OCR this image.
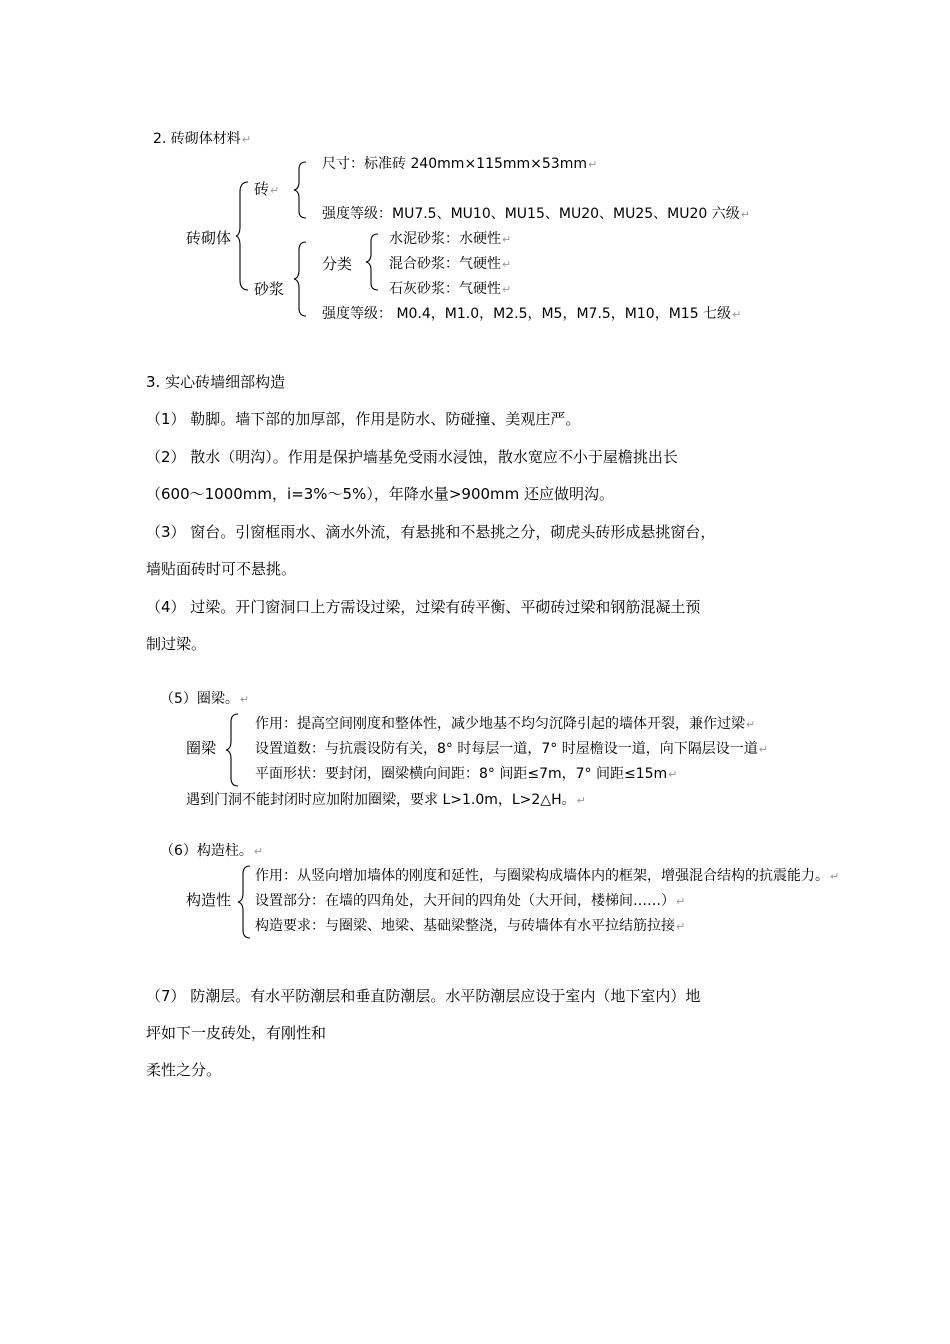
2. 砖砌体材料↵
砖砌体
砖↵
尺寸：标准砖 240mm×115mm×53mm↵
强度等级：MU7.5、MU10、MU15、MU20、MU25、MU20 六级↵
砂浆
分类
水泥砂浆：水硬性↵
混合砂浆：气硬性↵
石灰砂浆：气硬性↵
强度等级： M0.4，M1.0，M2.5，M5，M7.5，M10，M15 七级↵
3. 实心砖墙细部构造
（1） 勒脚。墙下部的加厚部，作用是防水、防碰撞、美观庄严。
（2） 散水（明沟）。作用是保护墙基免受雨水浸蚀，散水宽应不小于屋檐挑出长
（600～1000mm，i=3%～5%），年降水量>900mm 还应做明沟。
（3） 窗台。引窗框雨水、滴水外流，有悬挑和不悬挑之分，砌虎头砖形成悬挑窗台，
墙贴面砖时可不悬挑。
（4） 过梁。开门窗洞口上方需设过梁，过梁有砖平衡、平砌砖过梁和钢筋混凝土预
制过梁。
（5）圈梁。↵
圈梁
作用：提高空间刚度和整体性，减少地基不均匀沉降引起的墙体开裂，兼作过梁↵
设置道数：与抗震设防有关，8° 时每层一道，7° 时屋檐设一道，向下隔层设一道↵
平面形状：要封闭，圈梁横向间距：8° 间距≤7m，7° 间距≤15m↵
遇到门洞不能封闭时应加附加圈梁，要求 L>1.0m，L>2△H。↵
（6）构造柱。↵
构造性
作用：从竖向增加墙体的刚度和延性，与圈梁构成墙体内的框架，增强混合结构的抗震能力。↵
设置部分：在墙的四角处，大开间的四角处（大开间，楼梯间……）↵
构造要求：与圈梁、地梁、基础梁整浇，与砖墙体有水平拉结筋拉接↵
（7） 防潮层。有水平防潮层和垂直防潮层。水平防潮层应设于室内（地下室内）地
坪如下一皮砖处，有刚性和
柔性之分。
